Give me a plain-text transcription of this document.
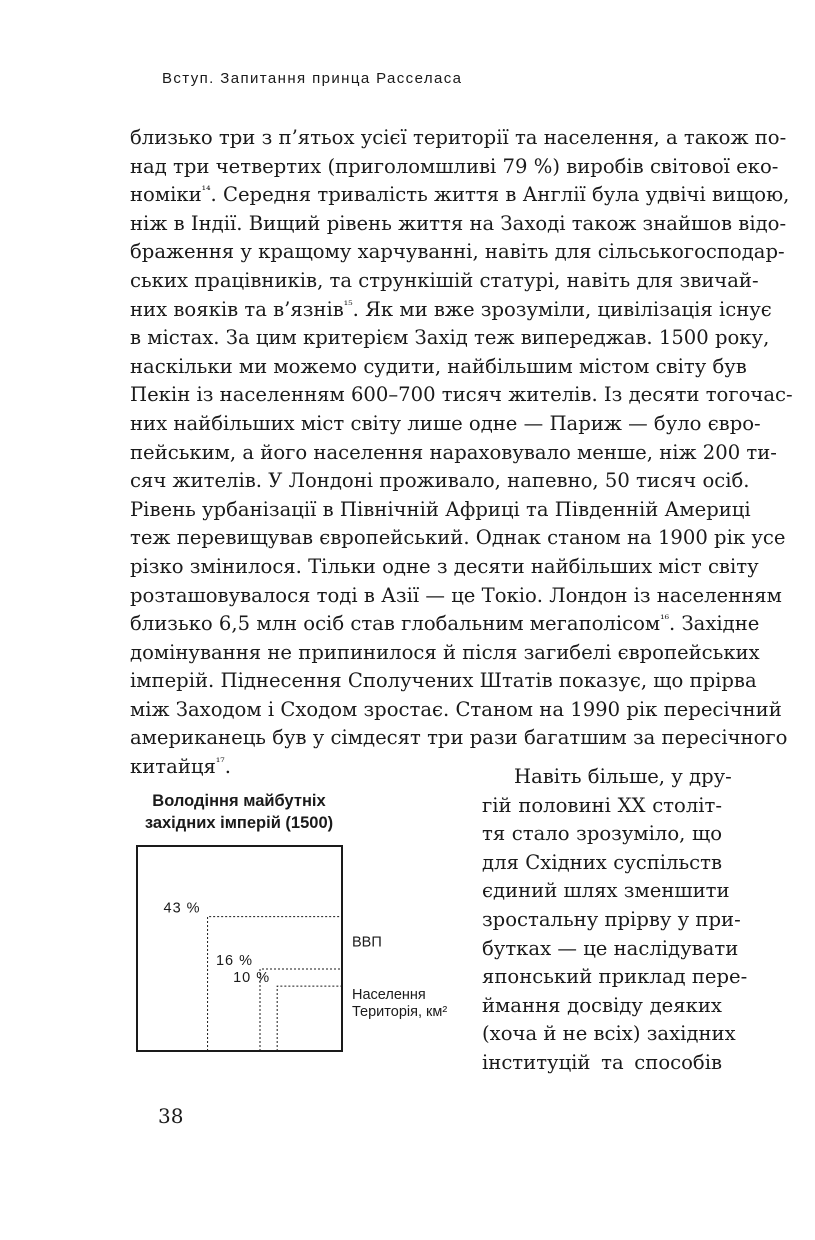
Вступ. Запитання принца Расселаса
близько три з п’ятьох усієї території та населення, а також по-
над три четвертих (приголомшливі 79 %) виробів світової еко-
номіки$^{^{14}}$. Середня тривалість життя в Англії була удвічі вищою,
ніж в Індії. Вищий рівень життя на Заході також знайшов відо-
браження у кращому харчуванні, навіть для сільськогосподар-
ських працівників, та стрункішій статурі, навіть для звичай-
них вояків та в’язнів$^{^{15}}$. Як ми вже зрозуміли, цивілізація існує
в містах. За цим критерієм Захід теж випереджав. 1500 року,
наскільки ми можемо судити, найбільшим містом світу був
Пекін із населенням 600–700 тисяч жителів. Із десяти тогочас-
них найбільших міст світу лише одне — Париж — було євро-
пейським, а його населення нараховувало менше, ніж 200 ти-
сяч жителів. У Лондоні проживало, напевно, 50 тисяч осіб.
Рівень урбанізації в Північній Африці та Південній Америці
теж перевищував європейський. Однак станом на 1900 рік усе
різко змінилося. Тільки одне з десяти найбільших міст світу
розташовувалося тоді в Азії — це Токіо. Лондон із населенням
близько 6,5 млн осіб став глобальним мегаполісом$^{^{16}}$. Західне
домінування не припинилося й після загибелі європейських
імперій. Піднесення Сполучених Штатів показує, що прірва
між Заходом і Сходом зростає. Станом на 1990 рік пересічний
американець був у сімдесят три рази багатшим за пересічного
китайця$^{^{17}}$.
Володіння майбутніх
західних імперій (1500)
43 %
16 %
10 %
ВВП
Населення
Територія, км²
Навіть більше, у дру-
гій половині XX століт-
тя стало зрозуміло, що
для Східних суспільств
єдиний шлях зменшити
зростальну прірву у при-
бутках — це наслідувати
японський приклад пере-
ймання досвіду деяких
(хоча й не всіх) західних
інституцій та способів
38
